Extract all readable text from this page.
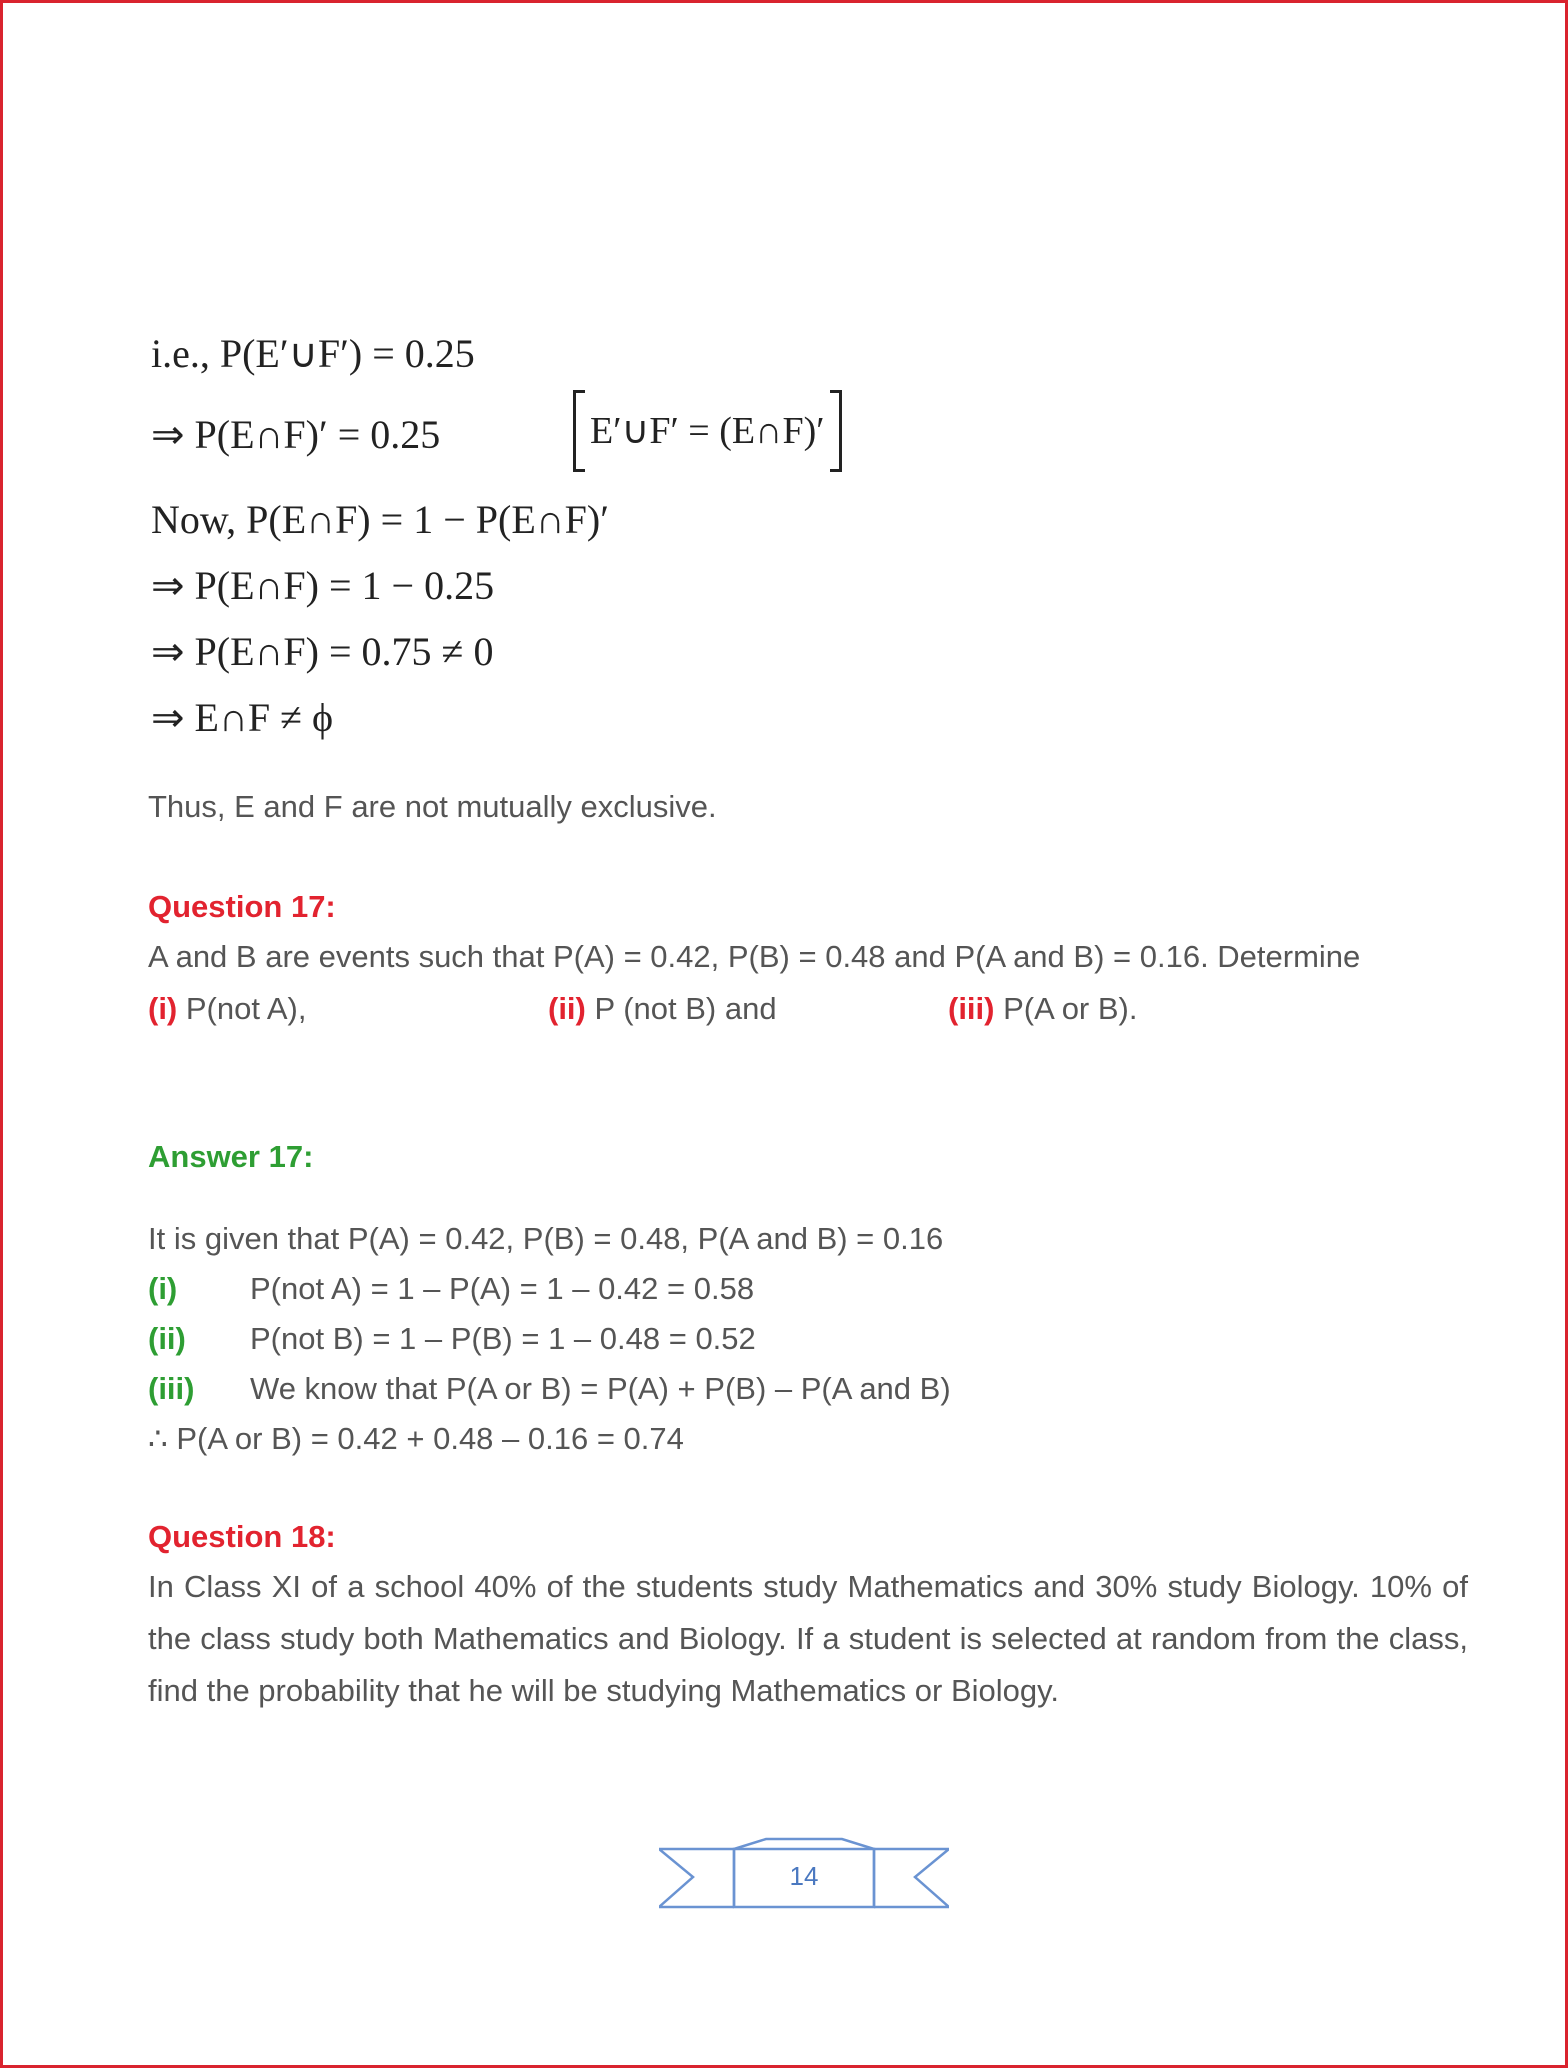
i.e., P(E′∪F′) = 0.25
⇒ P(E∩F)′ = 0.25	E′∪F′ = (E∩F)′
Now, P(E∩F) = 1 − P(E∩F)′
⇒ P(E∩F) = 1 − 0.25
⇒ P(E∩F) = 0.75 ≠ 0
⇒ E∩F ≠ ϕ
Thus, E and F are not mutually exclusive.
Question 17:
A and B are events such that P(A) = 0.42, P(B) = 0.48 and P(A and B) = 0.16. Determine
(i) P(not A),	(ii) P (not B) and	(iii) P(A or B).
Answer 17:
It is given that P(A) = 0.42, P(B) = 0.48, P(A and B) = 0.16
(i) P(not A) = 1 – P(A) = 1 – 0.42 = 0.58
(ii) P(not B) = 1 – P(B) = 1 – 0.48 = 0.52
(iii) We know that P(A or B) = P(A) + P(B) – P(A and B)
∴ P(A or B) = 0.42 + 0.48 – 0.16 = 0.74
Question 18:
In Class XI of a school 40% of the students study Mathematics and 30% study Biology. 10% of the class study both Mathematics and Biology. If a student is selected at random from the class, find the probability that he will be studying Mathematics or Biology.
14
